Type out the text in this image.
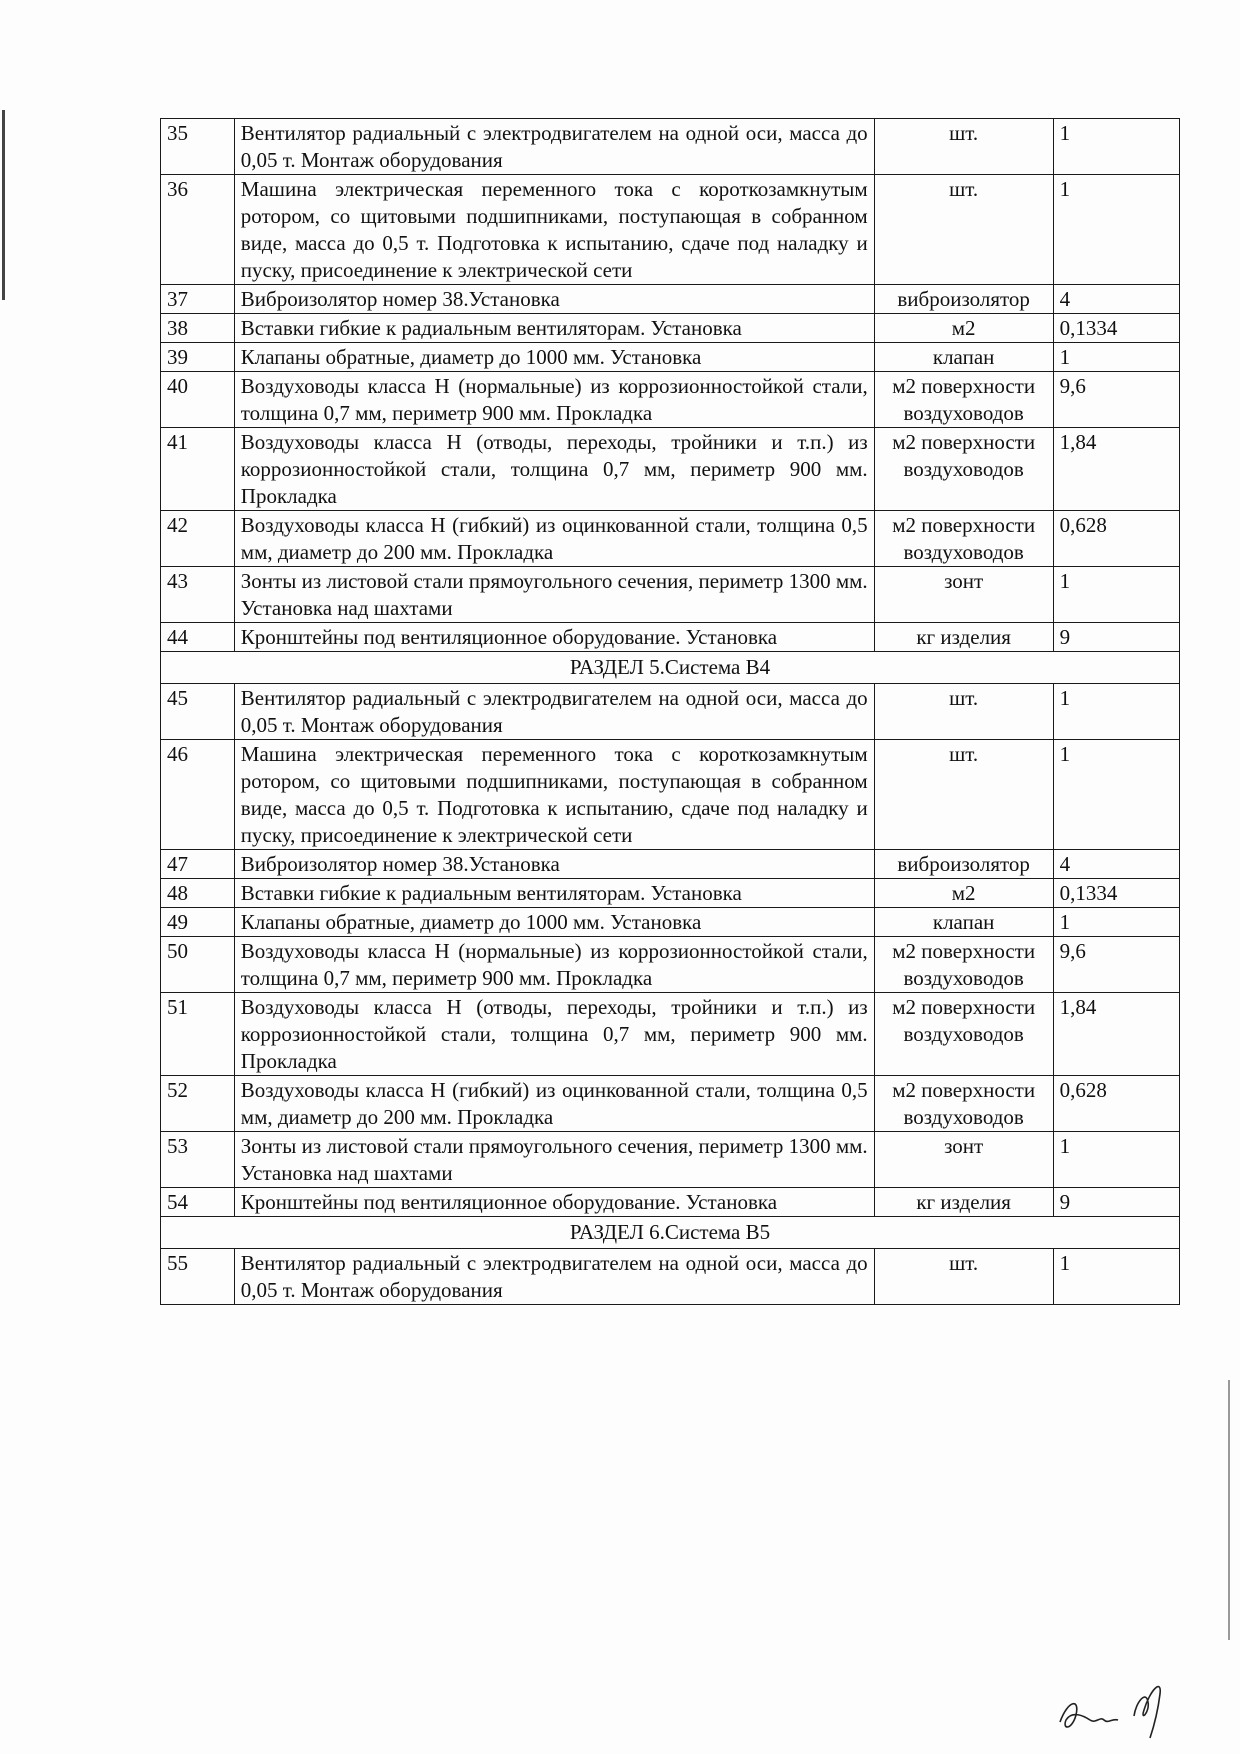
35	Вентилятор радиальный с электродвигателем на одной оси, масса до 0,05 т. Монтаж оборудования	шт.	1
36	Машина электрическая переменного тока с короткозамкнутым ротором, со щитовыми подшипниками, поступающая в собранном виде, масса до 0,5 т. Подготовка к испытанию, сдаче под наладку и пуску, присоединение к электрической сети	шт.	1
37	Виброизолятор номер 38.Установка	виброизолятор	4
38	Вставки гибкие к радиальным вентиляторам. Установка	м2	0,1334
39	Клапаны обратные, диаметр до 1000 мм. Установка	клапан	1
40	Воздуховоды класса Н (нормальные) из коррозионностойкой стали, толщина 0,7 мм, периметр 900 мм. Прокладка	м2 поверхности воздуховодов	9,6
41	Воздуховоды класса Н (отводы, переходы, тройники и т.п.) из коррозионностойкой стали, толщина 0,7 мм, периметр 900 мм. Прокладка	м2 поверхности воздуховодов	1,84
42	Воздуховоды класса Н (гибкий) из оцинкованной стали, толщина 0,5 мм, диаметр до 200 мм. Прокладка	м2 поверхности воздуховодов	0,628
43	Зонты из листовой стали прямоугольного сечения, периметр 1300 мм. Установка над шахтами	зонт	1
44	Кронштейны под вентиляционное оборудование. Установка	кг изделия	9
РАЗДЕЛ 5.Система В4			
45	Вентилятор радиальный с электродвигателем на одной оси, масса до 0,05 т. Монтаж оборудования	шт.	1
46	Машина электрическая переменного тока с короткозамкнутым ротором, со щитовыми подшипниками, поступающая в собранном виде, масса до 0,5 т. Подготовка к испытанию, сдаче под наладку и пуску, присоединение к электрической сети	шт.	1
47	Виброизолятор номер 38.Установка	виброизолятор	4
48	Вставки гибкие к радиальным вентиляторам. Установка	м2	0,1334
49	Клапаны обратные, диаметр до 1000 мм. Установка	клапан	1
50	Воздуховоды класса Н (нормальные) из коррозионностойкой стали, толщина 0,7 мм, периметр 900 мм. Прокладка	м2 поверхности воздуховодов	9,6
51	Воздуховоды класса Н (отводы, переходы, тройники и т.п.) из коррозионностойкой стали, толщина 0,7 мм, периметр 900 мм. Прокладка	м2 поверхности воздуховодов	1,84
52	Воздуховоды класса Н (гибкий) из оцинкованной стали, толщина 0,5 мм, диаметр до 200 мм. Прокладка	м2 поверхности воздуховодов	0,628
53	Зонты из листовой стали прямоугольного сечения, периметр 1300 мм. Установка над шахтами	зонт	1
54	Кронштейны под вентиляционное оборудование. Установка	кг изделия	9
РАЗДЕЛ 6.Система В5			
55	Вентилятор радиальный с электродвигателем на одной оси, масса до 0,05 т. Монтаж оборудования	шт.	1
